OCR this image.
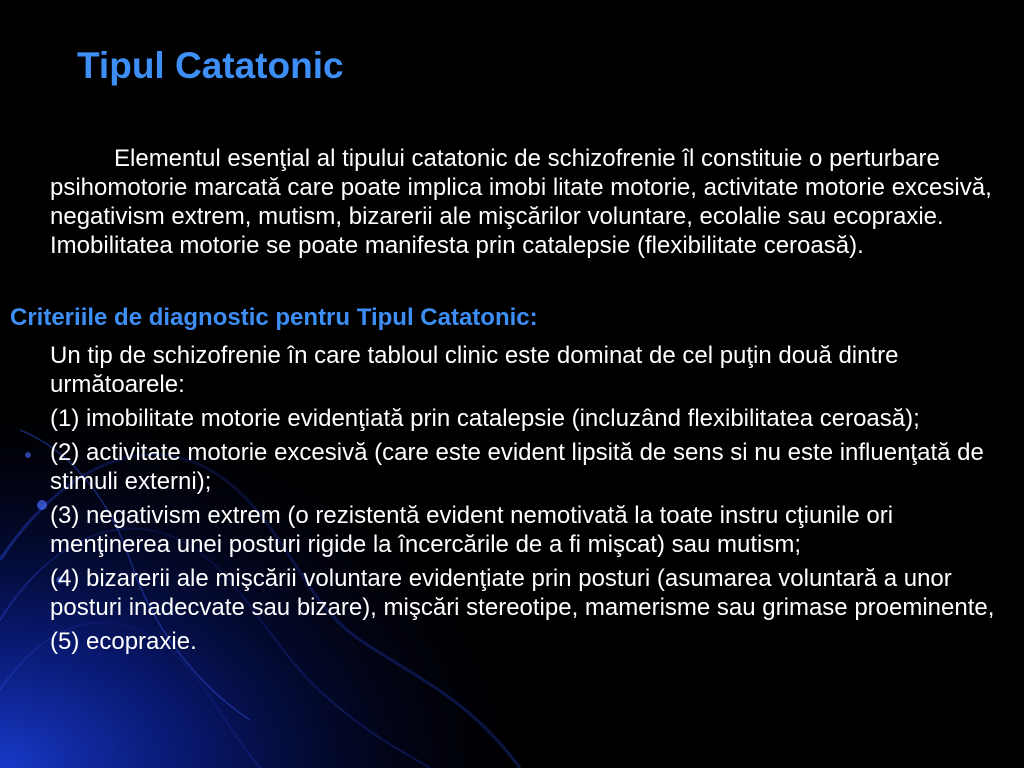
Tipul Catatonic

Elementul esenţial al tipului catatonic de schizofrenie îl constituie o perturbare psihomotorie marcată care poate implica imobi litate motorie, activitate motorie excesivă, negativism extrem, mutism, bizarerii ale mişcărilor voluntare, ecolalie sau ecopraxie. Imobilitatea motorie se poate manifesta prin catalepsie (flexibilitate ceroasă).

Criteriile de diagnostic pentru Tipul Catatonic:
Un tip de schizofrenie în care tabloul clinic este dominat de cel puţin două dintre următoarele:
(1) imobilitate motorie evidenţiată prin catalepsie (incluzând flexibilitatea ceroasă);
(2) activitate motorie excesivă (care este evident lipsită de sens si nu este influenţată de stimuli externi);
(3) negativism extrem (o rezistentă evident nemotivată la toate instru cţiunile ori menţinerea unei posturi rigide la încercările de a fi mişcat) sau mutism;
(4) bizarerii ale mişcării voluntare evidenţiate prin posturi (asumarea voluntară a unor posturi inadecvate sau bizare), mişcări stereotipe, mamerisme sau grimase proeminente,
(5) ecopraxie.
